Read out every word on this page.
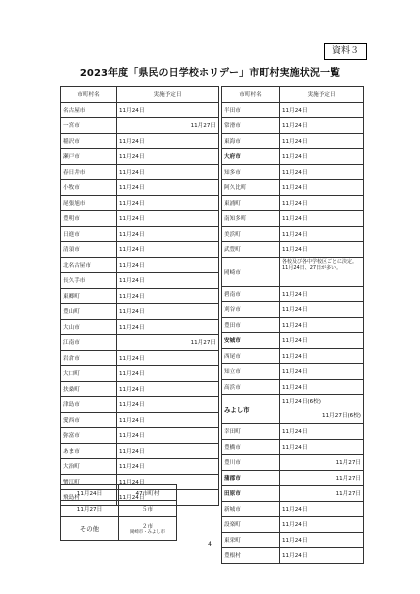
資料３
2023年度「県民の日学校ホリデー」市町村実施状況一覧
市町村名	実施予定日
名古屋市	11月24日
一宮市	11月27日
稲沢市	11月24日
瀬戸市	11月24日
春日井市	11月24日
小牧市	11月24日
尾張旭市	11月24日
豊明市	11月24日
日進市	11月24日
清須市	11月24日
北名古屋市	11月24日
長久手市	11月24日
東郷町	11月24日
豊山町	11月24日
大山市	11月24日
江南市	11月27日
岩倉市	11月24日
大口町	11月24日
扶桑町	11月24日
津島市	11月24日
愛西市	11月24日
弥富市	11月24日
あま市	11月24日
大治町	11月24日
蟹江町	11月24日
飛島村	11月24日
市町村名	実施予定日
半田市	11月24日
常滑市	11月24日
東海市	11月24日
大府市	11月24日
知多市	11月24日
阿久比町	11月24日
東浦町	11月24日
南知多町	11月24日
美浜町	11月24日
武豊町	11月24日
岡崎市	各校及び各中学校区ごとに決定。11月24日、27日が多い。
碧南市	11月24日
刈谷市	11月24日
豊田市	11月24日
安城市	11月24日
西尾市	11月24日
知立市	11月24日
高浜市	11月24日
みよし市	11月24日(6校)
11月27日(6校)

幸田町	11月24日
豊橋市	11月24日
豊川市	11月27日
蒲郡市	11月27日
田原市	11月27日
新城市	11月24日
設楽町	11月24日
東栄町	11月24日
豊根村	11月24日
11月24日	47市町村
11月27日	５市
その他	２市
岡崎市・みよし市
4
